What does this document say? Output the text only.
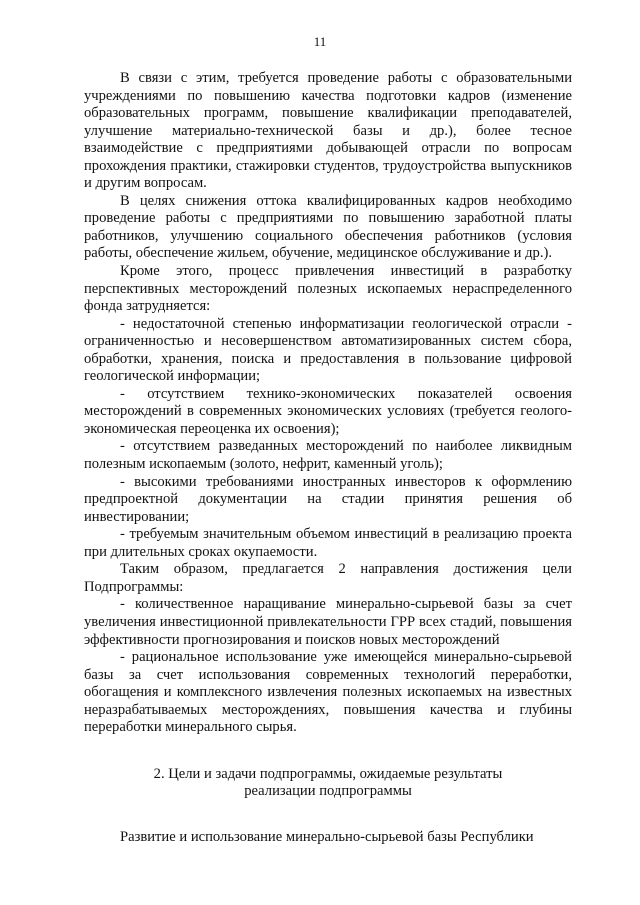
11

В связи с этим, требуется проведение работы с образовательными учреждениями по повышению качества подготовки кадров (изменение образовательных программ, повышение квалификации преподавателей, улучшение материально-технической базы и др.), более тесное взаимодействие с предприятиями добывающей отрасли по вопросам прохождения практики, стажировки студентов, трудоустройства выпускников и другим вопросам.

В целях снижения оттока квалифицированных кадров необходимо проведение работы с предприятиями по повышению заработной платы работников, улучшению социального обеспечения работников (условия работы, обеспечение жильем, обучение, медицинское обслуживание и др.).

Кроме этого, процесс привлечения инвестиций в разработку перспективных месторождений полезных ископаемых нераспределенного фонда затрудняется:

- недостаточной степенью информатизации геологической отрасли - ограниченностью и несовершенством автоматизированных систем сбора, обработки, хранения, поиска и предоставления в пользование цифровой геологической информации;

- отсутствием технико-экономических показателей освоения месторождений в современных экономических условиях (требуется геолого-экономическая переоценка их освоения);

- отсутствием разведанных месторождений по наиболее ликвидным полезным ископаемым (золото, нефрит, каменный уголь);

- высокими требованиями иностранных инвесторов к оформлению предпроектной документации на стадии принятия решения об инвестировании;

- требуемым значительным объемом инвестиций в реализацию проекта при длительных сроках окупаемости.

Таким образом, предлагается 2 направления достижения цели Подпрограммы:

- количественное наращивание минерально-сырьевой базы за счет увеличения инвестиционной привлекательности ГРР всех стадий, повышения эффективности прогнозирования и поисков новых месторождений

- рациональное использование уже имеющейся минерально-сырьевой базы за счет использования современных технологий переработки, обогащения и комплексного извлечения полезных ископаемых на известных неразрабатываемых месторождениях, повышения качества и глубины переработки минерального сырья.

2. Цели и задачи подпрограммы, ожидаемые результаты
реализации подпрограммы

Развитие и использование минерально-сырьевой базы Республики
